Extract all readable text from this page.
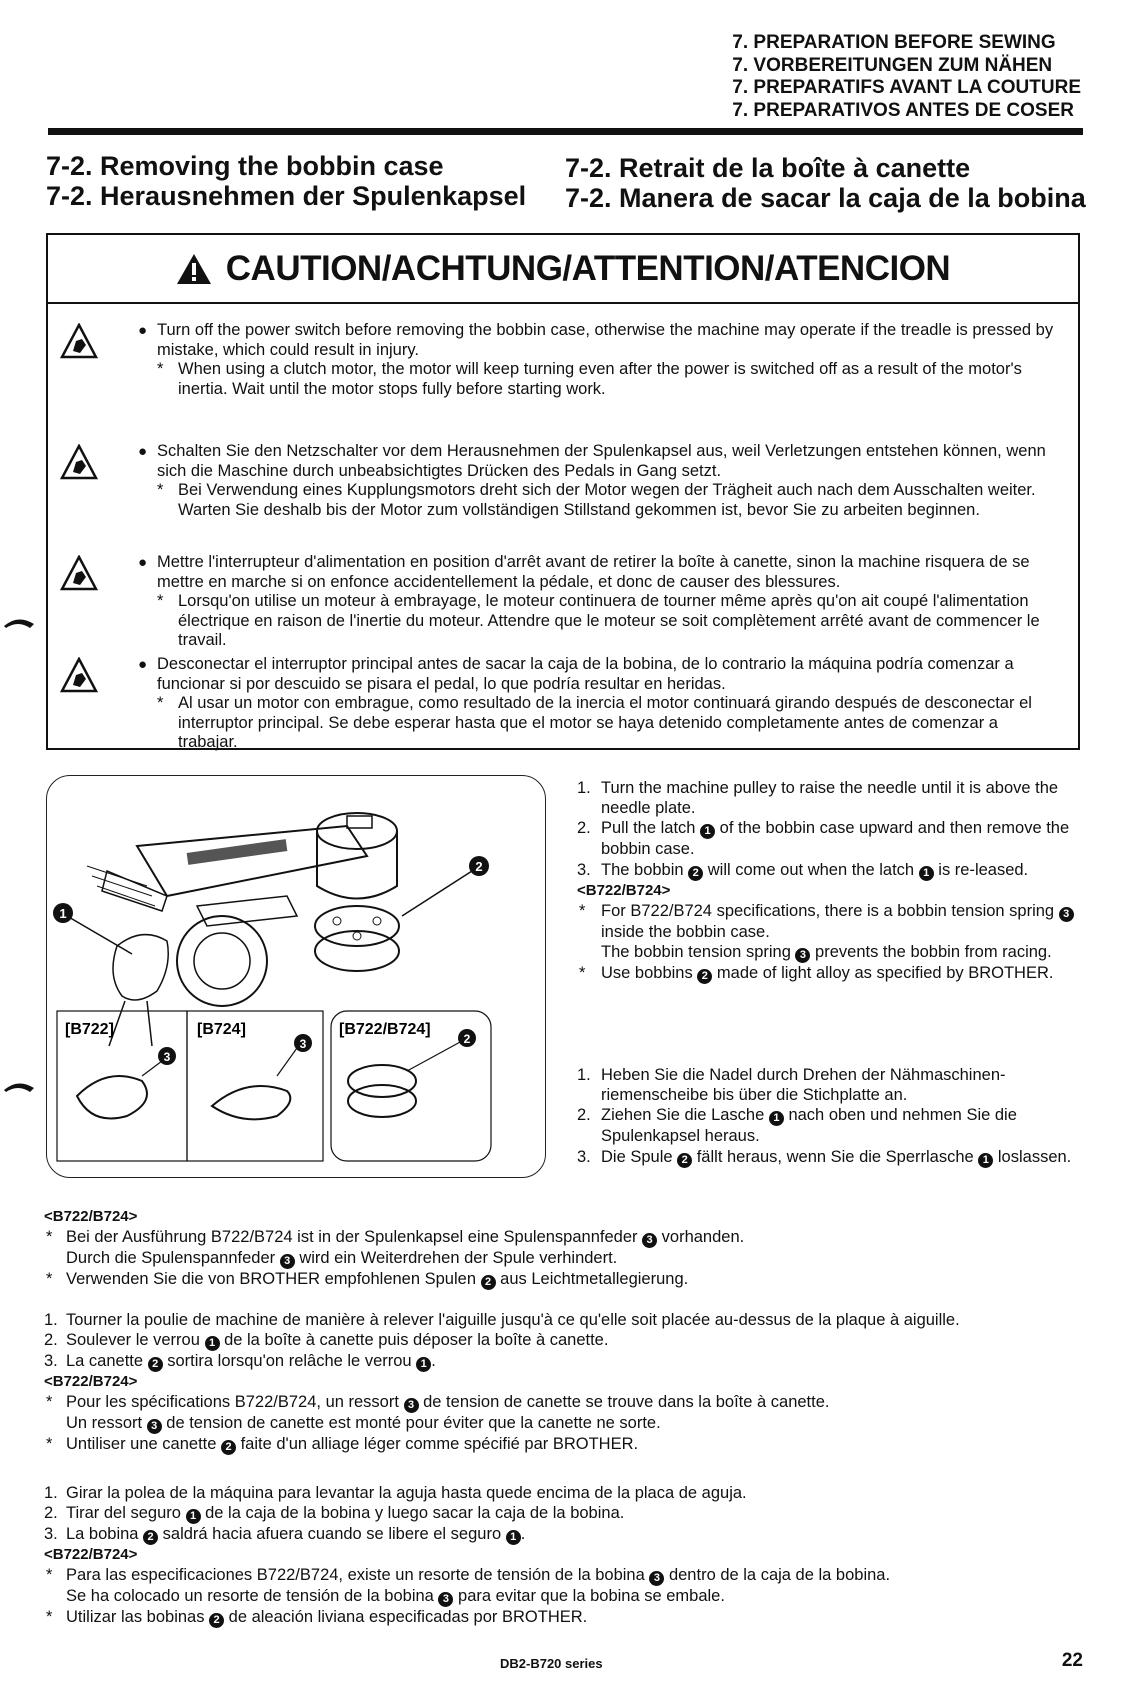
7. PREPARATION BEFORE SEWING
7. VORBEREITUNGEN ZUM NÄHEN
7. PREPARATIFS AVANT LA COUTURE
7. PREPARATIVOS ANTES DE COSER
7-2. Removing the bobbin case
7-2. Herausnehmen der Spulenkapsel
7-2. Retrait de la boîte à canette
7-2. Manera de sacar la caja de la bobina
CAUTION/ACHTUNG/ATTENTION/ATENCION
● Turn off the power switch before removing the bobbin case, otherwise the machine may operate if the treadle is pressed by mistake, which could result in injury.
* When using a clutch motor, the motor will keep turning even after the power is switched off as a result of the motor's inertia. Wait until the motor stops fully before starting work.
● Schalten Sie den Netzschalter vor dem Herausnehmen der Spulenkapsel aus, weil Verletzungen entstehen können, wenn sich die Maschine durch unbeabsichtigtes Drücken des Pedals in Gang setzt.
* Bei Verwendung eines Kupplungsmotors dreht sich der Motor wegen der Trägheit auch nach dem Ausschalten weiter. Warten Sie deshalb bis der Motor zum vollständigen Stillstand gekommen ist, bevor Sie zu arbeiten beginnen.
● Mettre l'interrupteur d'alimentation en position d'arrêt avant de retirer la boîte à canette, sinon la machine risquera de se mettre en marche si on enfonce accidentellement la pédale, et donc de causer des blessures.
* Lorsqu'on utilise un moteur à embrayage, le moteur continuera de tourner même après qu'on ait coupé l'alimentation électrique en raison de l'inertie du moteur. Attendre que le moteur se soit complètement arrêté avant de commencer le travail.
● Desconectar el interruptor principal antes de sacar la caja de la bobina, de lo contrario la máquina podría comenzar a funcionar si por descuido se pisara el pedal, lo que podría resultar en heridas.
* Al usar un motor con embrague, como resultado de la inercia el motor continuará girando después de desconectar el interruptor principal. Se debe esperar hasta que el motor se haya detenido completamente antes de comenzar a trabajar.
1
2
[B722]	[B724]	[B722/B724]
3
3	2
1. Turn the machine pulley to raise the needle until it is above the needle plate.
2. Pull the latch 1 of the bobbin case upward and then remove the bobbin case.
3. The bobbin 2 will come out when the latch 1 is re-leased.
<B722/B724>
* For B722/B724 specifications, there is a bobbin tension spring 3 inside the bobbin case.
The bobbin tension spring 3 prevents the bobbin from racing.
* Use bobbins 2 made of light alloy as specified by BROTHER.
1. Heben Sie die Nadel durch Drehen der Nähmaschinen-riemenscheibe bis über die Stichplatte an.
2. Ziehen Sie die Lasche 1 nach oben und nehmen Sie die Spulenkapsel heraus.
3. Die Spule 2 fällt heraus, wenn Sie die Sperrlasche 1 loslassen.
<B722/B724>
* Bei der Ausführung B722/B724 ist in der Spulenkapsel eine Spulenspannfeder 3 vorhanden.
Durch die Spulenspannfeder 3 wird ein Weiterdrehen der Spule verhindert.
* Verwenden Sie die von BROTHER empfohlenen Spulen 2 aus Leichtmetallegierung.
1. Tourner la poulie de machine de manière à relever l'aiguille jusqu'à ce qu'elle soit placée au-dessus de la plaque à aiguille.
2. Soulever le verrou 1 de la boîte à canette puis déposer la boîte à canette.
3. La canette 2 sortira lorsqu'on relâche le verrou 1 .
<B722/B724>
* Pour les spécifications B722/B724, un ressort 3 de tension de canette se trouve dans la boîte à canette.
Un ressort 3 de tension de canette est monté pour éviter que la canette ne sorte.
* Untiliser une canette 2 faite d'un alliage léger comme spécifié par BROTHER.
1. Girar la polea de la máquina para levantar la aguja hasta quede encima de la placa de aguja.
2. Tirar del seguro 1 de la caja de la bobina y luego sacar la caja de la bobina.
3. La bobina 2 saldrá hacia afuera cuando se libere el seguro 1 .
<B722/B724>
* Para las especificaciones B722/B724, existe un resorte de tensión de la bobina 3 dentro de la caja de la bobina.
Se ha colocado un resorte de tensión de la bobina 3 para evitar que la bobina se embale.
* Utilizar las bobinas 2 de aleación liviana especificadas por BROTHER.
DB2-B720 series	22
